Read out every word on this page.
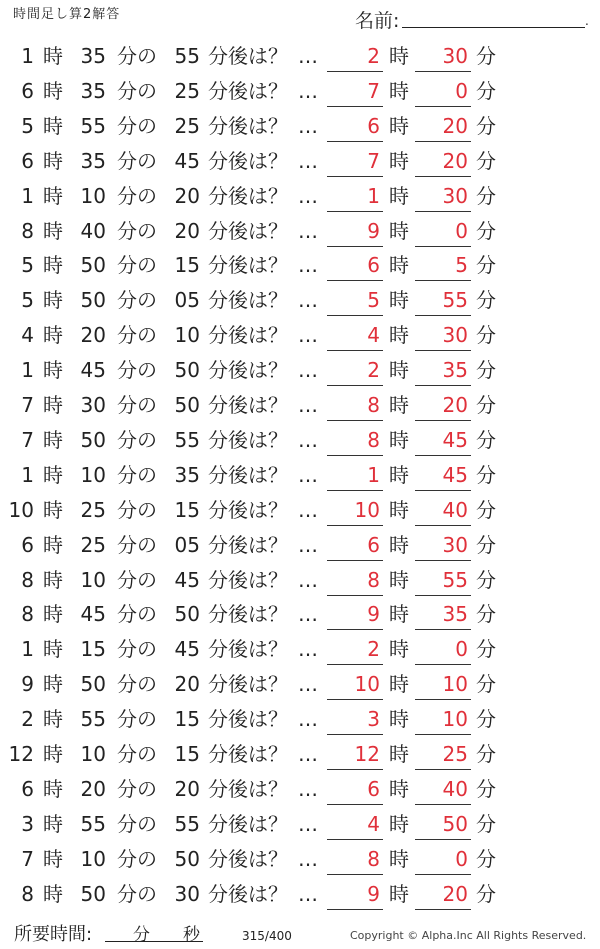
時間足し算2解答	名前:	.
1 時 35 分の 55 分後は？ …	2 時	30 分
6 時 35 分の 25 分後は？ …	7 時	0 分
5 時 55 分の 25 分後は？ …	6 時	20 分
6 時 35 分の 45 分後は？ …	7 時	20 分
1 時 10 分の 20 分後は？ …	1 時	30 分
8 時 40 分の 20 分後は？ …	9 時	0 分
5 時 50 分の 15 分後は？ …	6 時	5 分
5 時 50 分の 05 分後は？ …	5 時	55 分
4 時 20 分の 10 分後は？ …	4 時	30 分
1 時 45 分の 50 分後は？ …	2 時	35 分
7 時 30 分の 50 分後は？ …	8 時	20 分
7 時 50 分の 55 分後は？ …	8 時	45 分
1 時 10 分の 35 分後は？ …	1 時	45 分
10 時 25 分の 15 分後は？ …	10 時	40 分
6 時 25 分の 05 分後は？ …	6 時	30 分
8 時 10 分の 45 分後は？ …	8 時	55 分
8 時 45 分の 50 分後は？ …	9 時	35 分
1 時 15 分の 45 分後は？ …	2 時	0 分
9 時 50 分の 20 分後は？ …	10 時	10 分
2 時 55 分の 15 分後は？ …	3 時	10 分
12 時 10 分の 15 分後は？ …	12 時	25 分
6 時 20 分の 20 分後は？ …	6 時	40 分
3 時 55 分の 55 分後は？ …	4 時	50 分
7 時 10 分の 50 分後は？ …	8 時	0 分
8 時 50 分の 30 分後は？ …	9 時	20 分
所要時間: 分 秒	315/400	Copyright © Alpha.Inc All Rights Reserved.
